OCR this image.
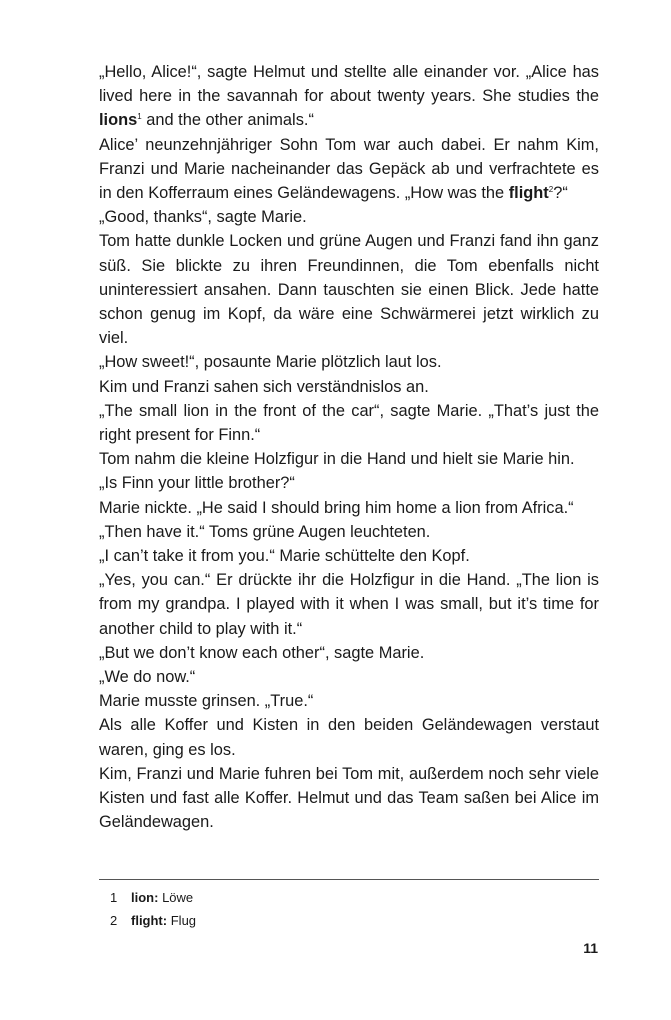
„Hello, Alice!“, sagte Helmut und stellte alle einander vor. „Alice has lived here in the savannah for about twenty years. She studies the lions$^1$ and the other animals.“

Alice’ neunzehnjähriger Sohn Tom war auch dabei. Er nahm Kim, Franzi und Marie nacheinander das Gepäck ab und verfrachtete es in den Kofferraum eines Geländewagens. „How was the flight$^2$?“

„Good, thanks“, sagte Marie.

Tom hatte dunkle Locken und grüne Augen und Franzi fand ihn ganz süß. Sie blickte zu ihren Freundinnen, die Tom ebenfalls nicht uninteressiert ansahen. Dann tauschten sie einen Blick. Jede hatte schon genug im Kopf, da wäre eine Schwärmerei jetzt wirklich zu viel.

„How sweet!“, posaunte Marie plötzlich laut los.

Kim und Franzi sahen sich verständnislos an.

„The small lion in the front of the car“, sagte Marie. „That’s just the right present for Finn.“

Tom nahm die kleine Holzfigur in die Hand und hielt sie Marie hin.

„Is Finn your little brother?“

Marie nickte. „He said I should bring him home a lion from Africa.“

„Then have it.“ Toms grüne Augen leuchteten.

„I can’t take it from you.“ Marie schüttelte den Kopf.

„Yes, you can.“ Er drückte ihr die Holzfigur in die Hand. „The lion is from my grandpa. I played with it when I was small, but it’s time for another child to play with it.“

„But we don’t know each other“, sagte Marie.

„We do now.“

Marie musste grinsen. „True.“

Als alle Koffer und Kisten in den beiden Geländewagen verstaut waren, ging es los.

Kim, Franzi und Marie fuhren bei Tom mit, außerdem noch sehr viele Kisten und fast alle Koffer. Helmut und das Team saßen bei Alice im Geländewagen.

1	lion :
Löwe
2	flight :
Flug
11
